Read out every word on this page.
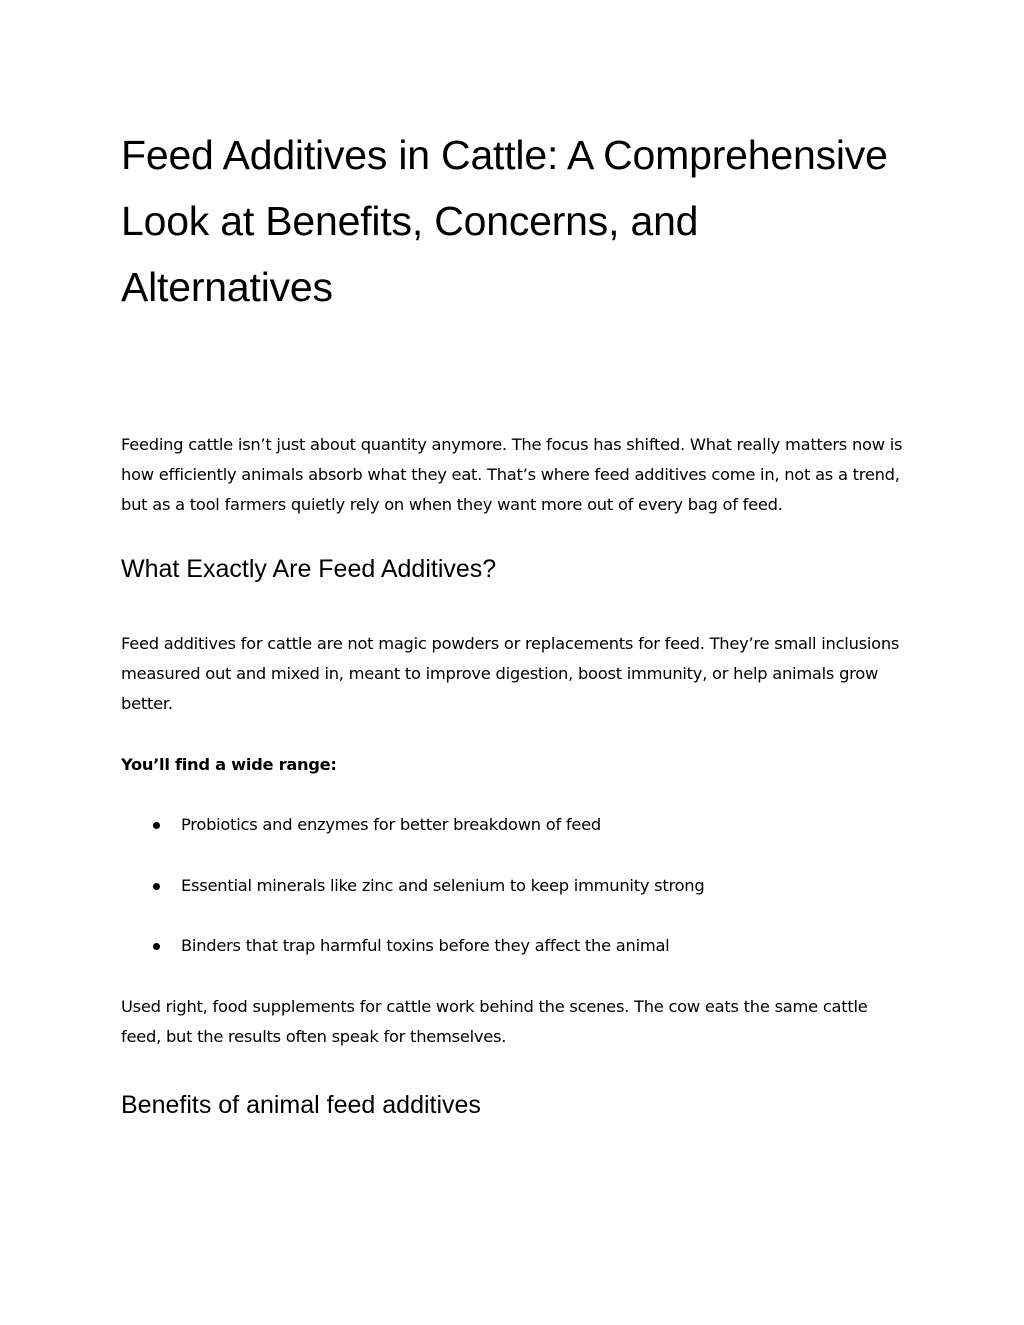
Feed Additives in Cattle: A Comprehensive Look at Benefits, Concerns, and Alternatives

Feeding cattle isn’t just about quantity anymore. The focus has shifted. What really matters now is how efficiently animals absorb what they eat. That’s where feed additives come in, not as a trend, but as a tool farmers quietly rely on when they want more out of every bag of feed.

What Exactly Are Feed Additives?

Feed additives for cattle are not magic powders or replacements for feed. They’re small inclusions measured out and mixed in, meant to improve digestion, boost immunity, or help animals grow better.

You’ll find a wide range:

Probiotics and enzymes for better breakdown of feed
Essential minerals like zinc and selenium to keep immunity strong
Binders that trap harmful toxins before they affect the animal

Used right, food supplements for cattle work behind the scenes. The cow eats the same cattle feed, but the results often speak for themselves.

Benefits of animal feed additives
